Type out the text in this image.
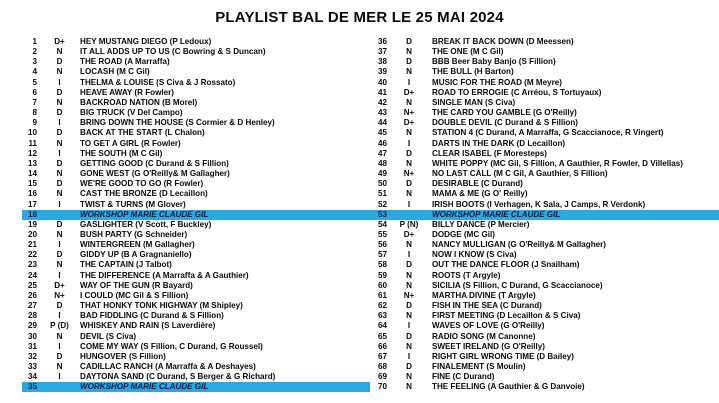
PLAYLIST BAL DE MER LE 25 MAI 2024
1	D+	HEY MUSTANG DIEGO (P Ledoux)
2	N	IT ALL ADDS UP TO US (C Bowring & S Duncan)
3	D	THE ROAD (A Marraffa)
4	N	LOCASH (M C Gil)
5	I	THELMA & LOUISE (S Civa & J Rossato)
6	D	HEAVE AWAY (R Fowler)
7	N	BACKROAD NATION (B Morel)
8	D	BIG TRUCK (V Del Campo)
9	I	BRING DOWN THE HOUSE (S Cormier & D Henley)
10	D	BACK AT THE START (L Chalon)
11	N	TO GET A GIRL (R Fowler)
12	I	THE SOUTH (M C Gil)
13	D	GETTING GOOD (C Durand & S Fillion)
14	N	GONE WEST (G O'Reilly& M Gallagher)
15	D	WE'RE GOOD TO GO (R Fowler)
16	N	CAST THE BRONZE (D Lecaillon)
17	I	TWIST & TURNS (M Glover)
18	WORKSHOP MARIE CLAUDE GIL
19	D	GASLIGHTER (V Scott, F Buckley)
20	N	BUSH PARTY (G Schneider)
21	I	WINTERGREEN (M Gallagher)
22	D	GIDDY UP (B A Gragnaniello)
23	N	THE CAPTAIN (J Talbot)
24	I	THE DIFFERENCE (A Marraffa & A Gauthier)
25	D+	WAY OF THE GUN (R Bayard)
26	N+	I COULD (MC Gil & S Fillion)
27	D	THAT HONKY TONK HIGHWAY (M Shipley)
28	I	BAD FIDDLING (C Durand & S Fillion)
29	P (D)	WHISKEY AND RAIN (S Laverdière)
30	N	DEVIL (S Civa)
31	I	COME MY WAY (S Fillion, C Durand, G Roussel)
32	D	HUNGOVER (S Fillion)
33	N	CADILLAC RANCH (A Marraffa & A Deshayes)
34	I	DAYTONA SAND (C Durand, S Berger & G Richard)
35	WORKSHOP MARIE CLAUDE GIL
36	D	BREAK IT BACK DOWN (D Meessen)
37	N	THE ONE (M C Gil)
38	D	BBB Beer Baby Banjo (S Fillion)
39	N	THE BULL (H Barton)
40	I	MUSIC FOR THE ROAD (M Meyre)
41	D+	ROAD TO ERROGIE (C Arréou, S Tortuyaux)
42	N	SINGLE MAN (S Civa)
43	N+	THE CARD YOU GAMBLE (G O'Reilly)
44	D+	DOUBLE DEVIL (C Durand & S Fillion)
45	N	STATION 4 (C Durand, A Marraffa, G Scaccianoce, R Vingert)
46	I	DARTS IN THE DARK (D Lecaillon)
47	D	CLEAR ISABEL (F Moresteps)
48	N	WHITE POPPY (MC Gil, S Fillion, A Gauthier, R Fowler, D Villellas)
49	N+	NO LAST CALL (M C Gil, A Gauthier, S Fillion)
50	D	DESIRABLE (C Durand)
51	N	MAMA & ME (G O' Reilly)
52	I	IRISH BOOTS (I Verhagen, K Sala, J Camps, R Verdonk)
53	WORKSHOP MARIE CLAUDE GIL
54	P (N)	BILLY DANCE (P Mercier)
55	D+	DODGE (MC Gil)
56	N	NANCY MULLIGAN (G O'Reilly& M Gallagher)
57	I	NOW I KNOW (S Civa)
58	D	OUT THE DANCE FLOOR (J Snailham)
59	N	ROOTS (T Argyle)
60	N	SICILIA (S Fillion, C Durand, G Scaccianoce)
61	N+	MARTHA DIVINE (T Argyle)
62	D	FISH IN THE SEA (C Durand)
63	N	FIRST MEETING (D Lecaillon & S Civa)
64	I	WAVES OF LOVE (G O'Reilly)
65	D	RADIO SONG (M Canonne)
66	N	SWEET IRELAND (G O'Reilly)
67	I	RIGHT GIRL WRONG TIME (D Bailey)
68	D	FINALEMENT (S Moulin)
69	N	FINE (C Durand)
70	N	THE FEELING (A Gauthier & G Danvoie)
